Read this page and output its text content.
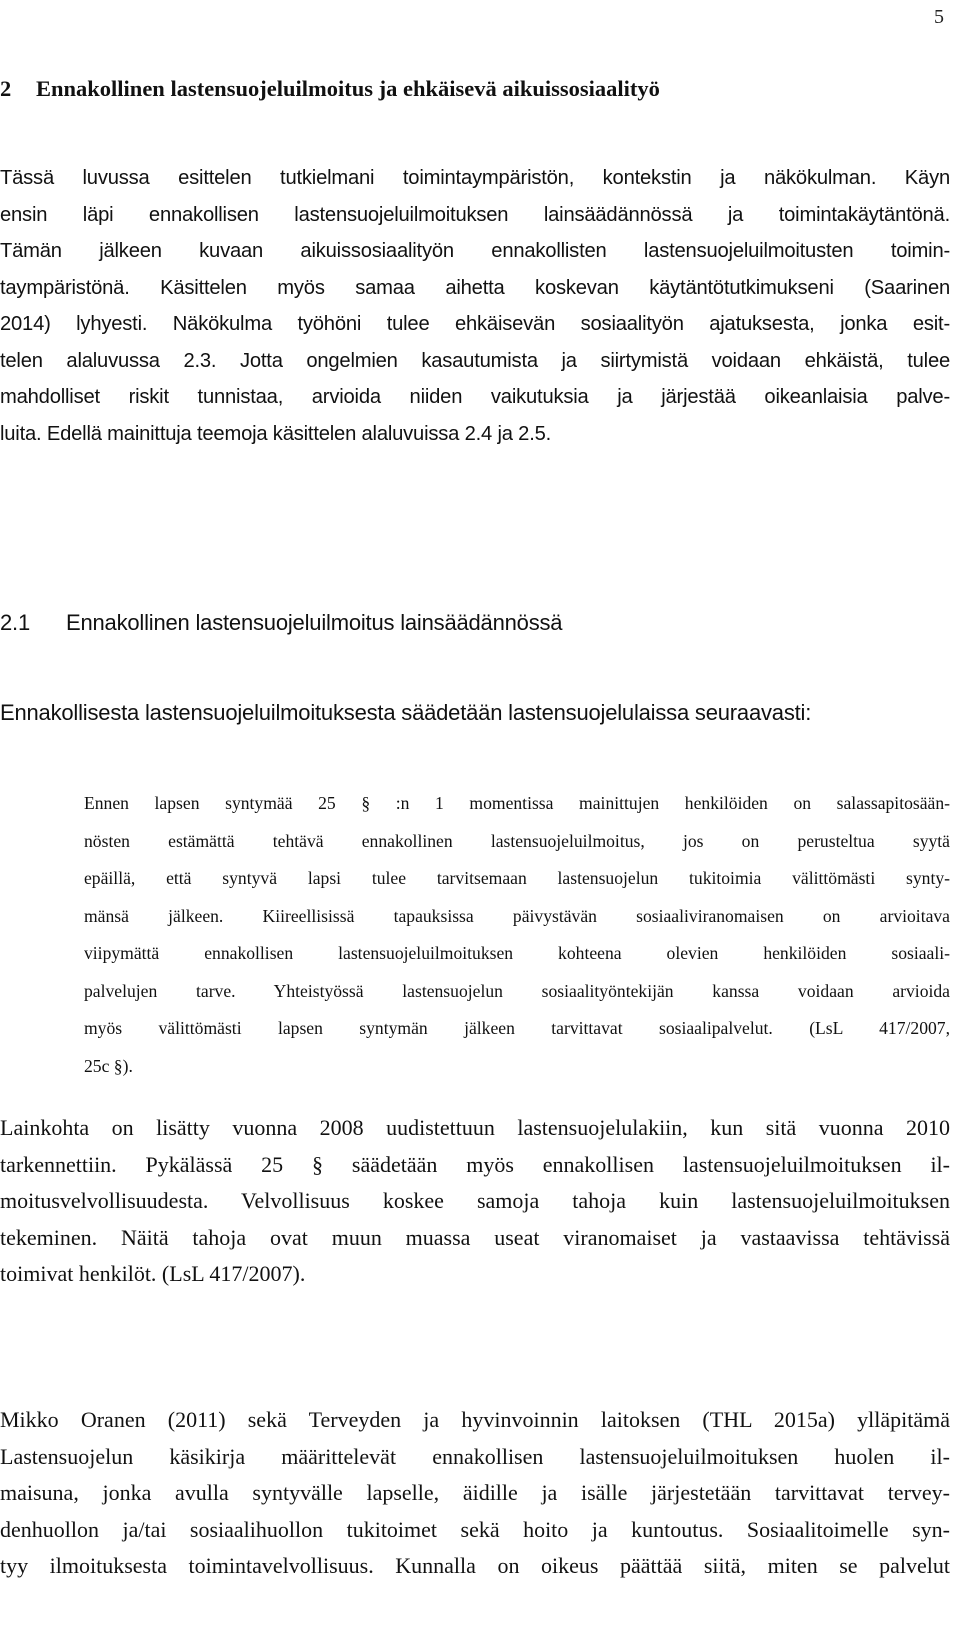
5
2 Ennakollinen lastensuojeluilmoitus ja ehkäisevä aikuissosiaalityö
Tässä luvussa esittelen tutkielmani toimintaympäristön, kontekstin ja näkökulman. Käyn
ensin läpi ennakollisen lastensuojeluilmoituksen lainsäädännössä ja toimintakäytäntönä.
Tämän jälkeen kuvaan aikuissosiaalityön ennakollisten lastensuojeluilmoitusten toimin-
taympäristönä. Käsittelen myös samaa aihetta koskevan käytäntötutkimukseni (Saarinen
2014) lyhyesti. Näkökulma työhöni tulee ehkäisevän sosiaalityön ajatuksesta, jonka esit-
telen alaluvussa 2.3. Jotta ongelmien kasautumista ja siirtymistä voidaan ehkäistä, tulee
mahdolliset riskit tunnistaa, arvioida niiden vaikutuksia ja järjestää oikeanlaisia palve-
luita. Edellä mainittuja teemoja käsittelen alaluvuissa 2.4 ja 2.5.
2.1 Ennakollinen lastensuojeluilmoitus lainsäädännössä

Ennakollisesta lastensuojeluilmoituksesta säädetään lastensuojelulaissa seuraavasti:

Ennen lapsen syntymää 25 § :n 1 momentissa mainittujen henkilöiden on salassapitosään-
nösten estämättä tehtävä ennakollinen lastensuojeluilmoitus, jos on perusteltua syytä
epäillä, että syntyvä lapsi tulee tarvitsemaan lastensuojelun tukitoimia välittömästi synty-
mänsä jälkeen. Kiireellisissä tapauksissa päivystävän sosiaaliviranomaisen on arvioitava
viipymättä ennakollisen lastensuojeluilmoituksen kohteena olevien henkilöiden sosiaali-
palvelujen tarve. Yhteistyössä lastensuojelun sosiaalityöntekijän kanssa voidaan arvioida
myös välittömästi lapsen syntymän jälkeen tarvittavat sosiaalipalvelut. (LsL 417/2007,
25c §).
Lainkohta on lisätty vuonna 2008 uudistettuun lastensuojelulakiin, kun sitä vuonna 2010
tarkennettiin. Pykälässä 25 § säädetään myös ennakollisen lastensuojeluilmoituksen il-
moitusvelvollisuudesta. Velvollisuus koskee samoja tahoja kuin lastensuojeluilmoituksen
tekeminen. Näitä tahoja ovat muun muassa useat viranomaiset ja vastaavissa tehtävissä
toimivat henkilöt. (LsL 417/2007).
Mikko Oranen (2011) sekä Terveyden ja hyvinvoinnin laitoksen (THL 2015a) ylläpitämä
Lastensuojelun käsikirja määrittelevät ennakollisen lastensuojeluilmoituksen huolen il-
maisuna, jonka avulla syntyvälle lapselle, äidille ja isälle järjestetään tarvittavat tervey-
denhuollon ja/tai sosiaalihuollon tukitoimet sekä hoito ja kuntoutus. Sosiaalitoimelle syn-
tyy ilmoituksesta toimintavelvollisuus. Kunnalla on oikeus päättää siitä, miten se palvelut
